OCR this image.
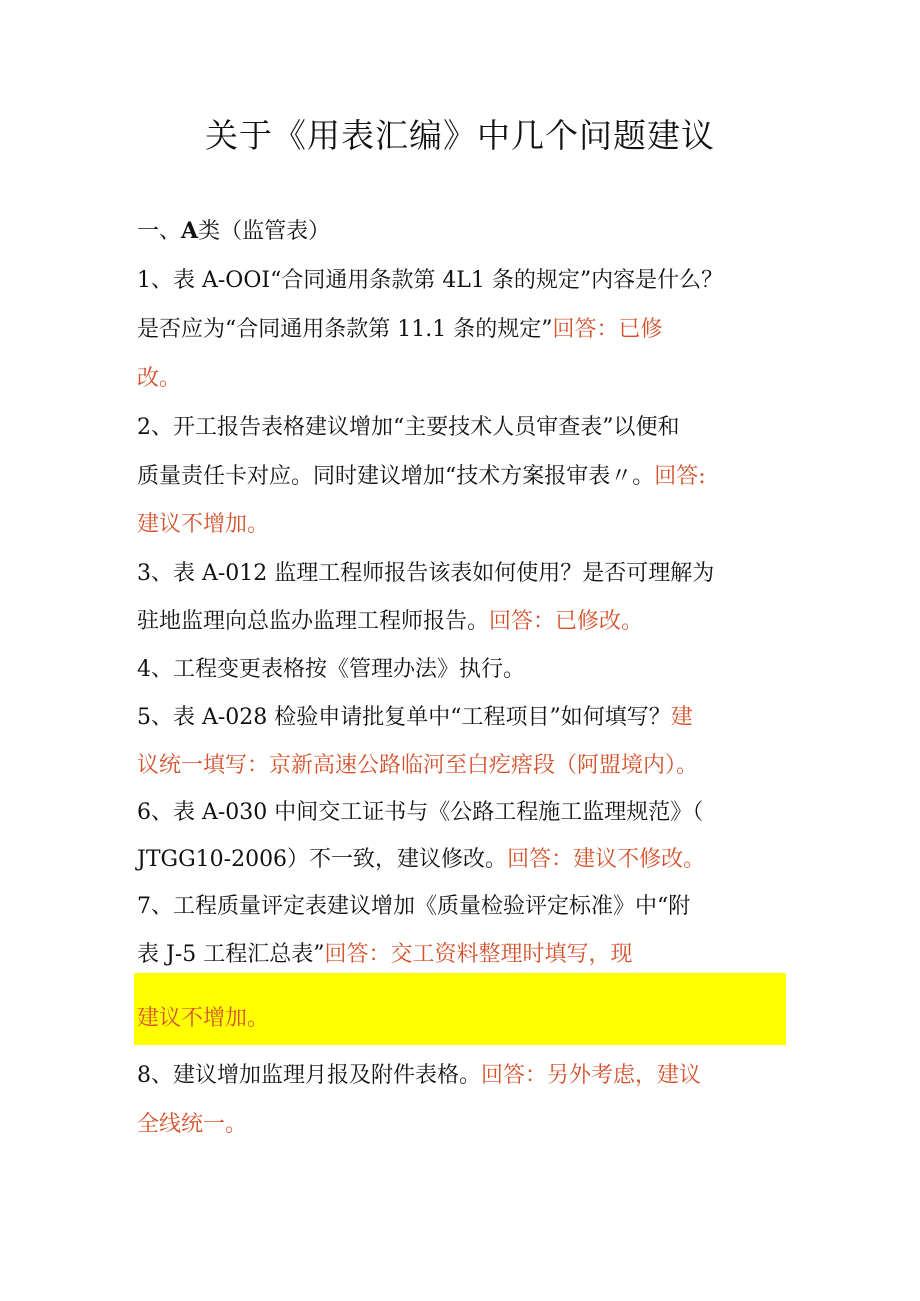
关于《用表汇编》中几个问题建议
一、A类（监管表）
1、表 A-OOI“合同通用条款第 4L1 条的规定”内容是什么？
是否应为“合同通用条款第 11.1 条的规定”回答：已修
改。
2、开工报告表格建议增加“主要技术人员审查表”以便和
质量责任卡对应。同时建议增加“技术方案报审表〃。回答:
建议不增加。
3、表 A-012 监理工程师报告该表如何使用？是否可理解为
驻地监理向总监办监理工程师报告。回答：已修改。
4、工程变更表格按《管理办法》执行。
5、表 A-028 检验申请批复单中“工程项目”如何填写？建
议统一填写：京新高速公路临河至白疙瘩段（阿盟境内）。
6、表 A-030 中间交工证书与《公路工程施工监理规范》（
JTGG10-2006）不一致，建议修改。回答：建议不修改。
7、工程质量评定表建议增加《质量检验评定标准》中“附
表 J-5 工程汇总表”回答：交工资料整理时填写，现
建议不增加。
8、建议增加监理月报及附件表格。回答：另外考虑，建议
全线统一。
